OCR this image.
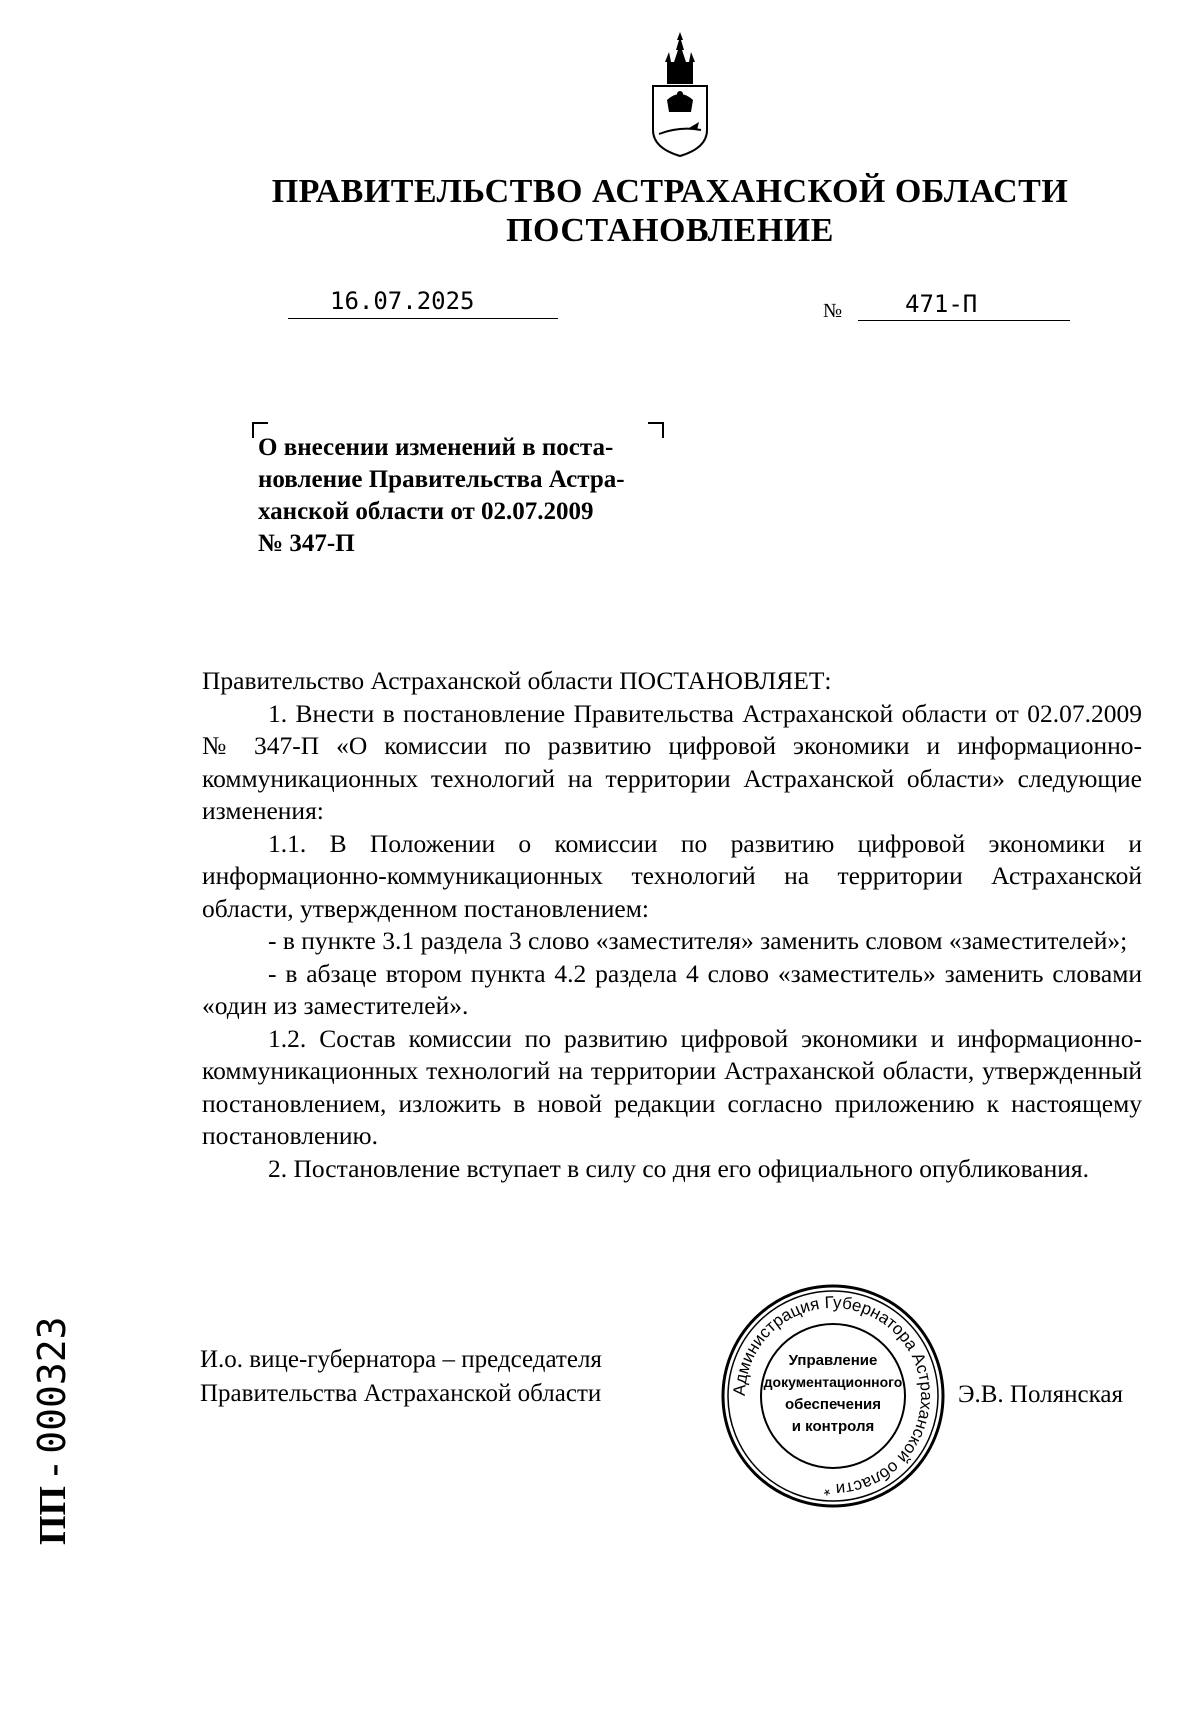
ПРАВИТЕЛЬСТВО АСТРАХАНСКОЙ ОБЛАСТИ
ПОСТАНОВЛЕНИЕ
16.07.2025	№	471-П
О внесении изменений в поста-
новление Правительства Астра-
ханской области от 02.07.2009
№ 347-П

Правительство Астраханской области ПОСТАНОВЛЯЕТ:

1. Внести в постановление Правительства Астраханской области от 02.07.2009 № 347-П «О комиссии по развитию цифровой экономики и информационно-коммуникационных технологий на территории Астраханской области» следующие изменения:

1.1. В Положении о комиссии по развитию цифровой экономики и информационно-коммуникационных технологий на территории Астраханской области, утвержденном постановлением:

- в пункте 3.1 раздела 3 слово «заместителя» заменить словом «заместителей»;

- в абзаце втором пункта 4.2 раздела 4 слово «заместитель» заменить словами «один из заместителей».

1.2. Состав комиссии по развитию цифровой экономики и информационно-коммуникационных технологий на территории Астраханской области, утвержденный постановлением, изложить в новой редакции согласно приложению к настоящему постановлению.

2. Постановление вступает в силу со дня его официального опубликования.

И.о. вице-губернатора – председателя
Правительства Астраханской области	Администрация Губернатора Астраханской области *
Управление
документационного
обеспечения
и контроля
Э.В. Полянская
ПП -000323
